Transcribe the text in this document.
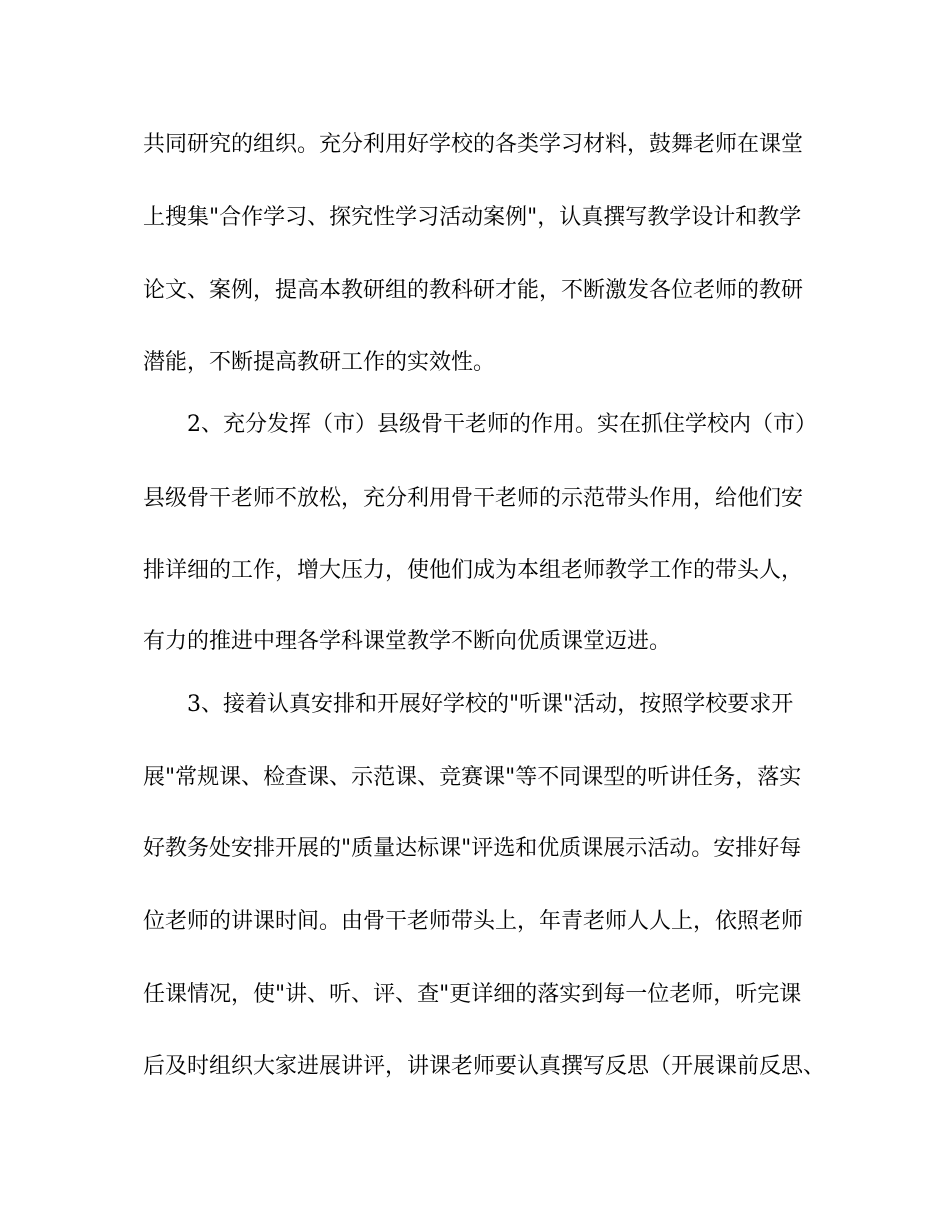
共同研究的组织。充分利用好学校的各类学习材料，鼓舞老师在课堂
上搜集"合作学习、探究性学习活动案例"，认真撰写教学设计和教学
论文、案例，提高本教研组的教科研才能，不断激发各位老师的教研
潜能，不断提高教研工作的实效性。
2、充分发挥（市）县级骨干老师的作用。实在抓住学校内（市）
县级骨干老师不放松，充分利用骨干老师的示范带头作用，给他们安
排详细的工作，增大压力，使他们成为本组老师教学工作的带头人，
有力的推进中理各学科课堂教学不断向优质课堂迈进。
3、接着认真安排和开展好学校的"听课"活动，按照学校要求开
展"常规课、检查课、示范课、竞赛课"等不同课型的听讲任务，落实
好教务处安排开展的"质量达标课"评选和优质课展示活动。安排好每
位老师的讲课时间。由骨干老师带头上，年青老师人人上，依照老师
任课情况，使"讲、听、评、查"更详细的落实到每一位老师，听完课
后及时组织大家进展讲评，讲课老师要认真撰写反思（开展课前反思、
